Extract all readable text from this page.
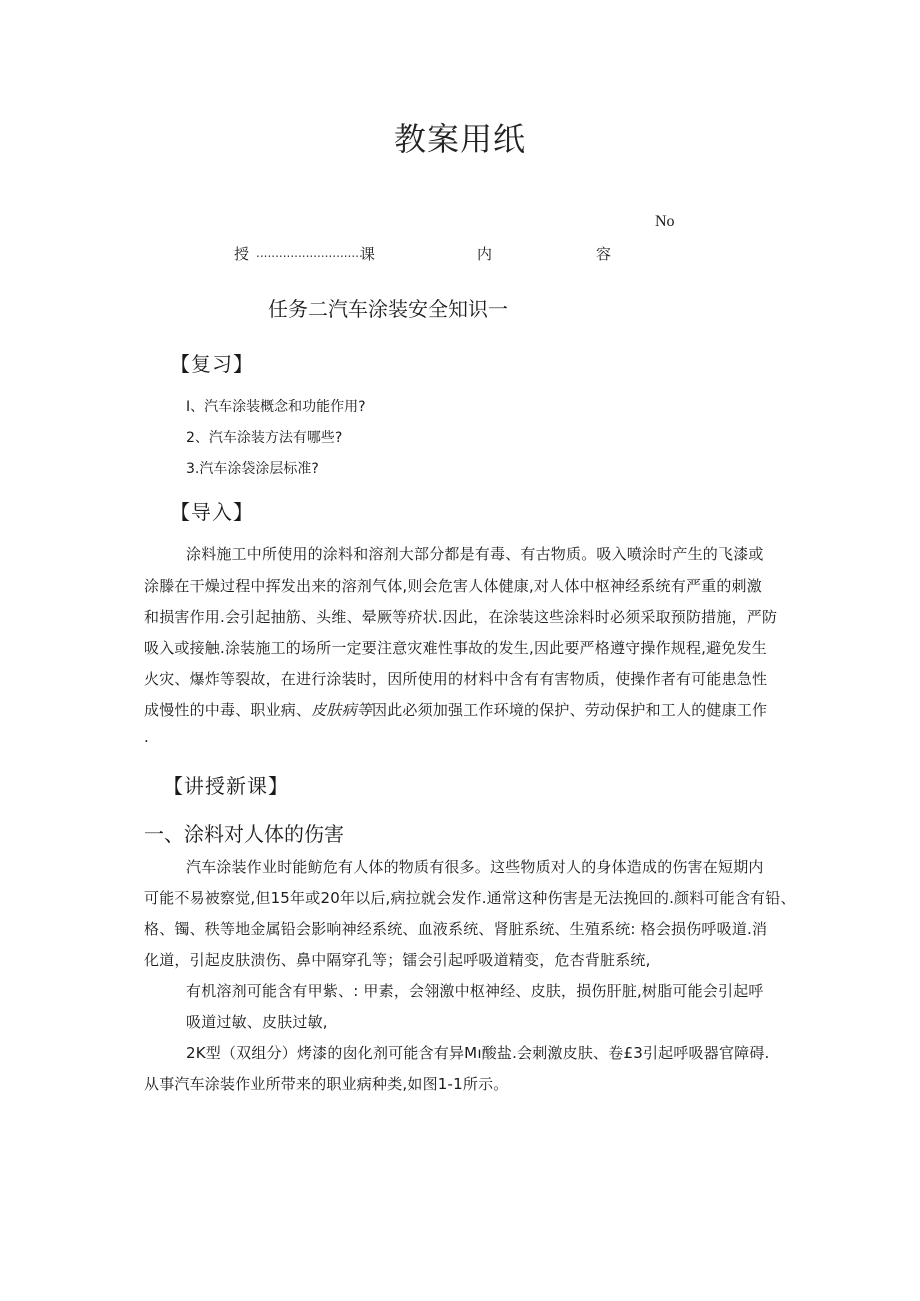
教案用纸
No
授 ............................
课	内	容
任务二汽车涂装安全知识一
【复习】
I、汽车涂装概念和功能作用?
2、汽车涂装方法有哪些?
3.汽车涂袋涂层标准?
【导入】
涂料施工中所使用的涂料和溶剂大部分都是有毒、有古物质。吸入喷涂时产生的飞漆或
涂滕在干燥过程中挥发出来的溶剂气体,则会危害人体健康,对人体中枢神经系统有严重的刺激
和损害作用.会引起抽筋、头维、晕厥等疥状.因此，在涂装这些涂料时必须采取预防措施，严防
吸入或接触.涂装施工的场所一定要注意灾难性事故的发生,因此要严格遵守操作规程,避免发生
火灾、爆炸等裂故，在进行涂装时，因所使用的材料中含有有害物质，使操作者有可能患急性
成慢性的中毒、职业病、皮肤病等因此必须加强工作环境的保护、劳动保护和工人的健康工作
.
【讲授新课】
一、涂料对人体的伤害
汽车涂装作业时能鲂危有人体的物质有很多。这些物质对人的身体造成的伤害在短期内
可能不易被察觉,但15年或20年以后,病拉就会发作.通常这种伤害是无法挽回的.颜料可能含有铅、
格、镯、秩等地金属铅会影响神经系统、血液系统、肾脏系统、生殖系统: 格会损伤呼吸道.消
化道，引起皮肤溃伤、鼻中隔穿孔等；镭会引起呼吸道精变，危杏背脏系统,
有机溶剂可能含有甲紫、: 甲素，会翎激中枢神经、皮肤，损伤肝脏,树脂可能会引起呼
吸道过敏、皮肤过敏,
2K型（双组分）烤漆的囱化剂可能含有异Mı酸盐.会刺激皮肤、卷£3引起呼吸器官障碍.
从事汽车涂装作业所带来的职业病种类,如图1-1所示。
